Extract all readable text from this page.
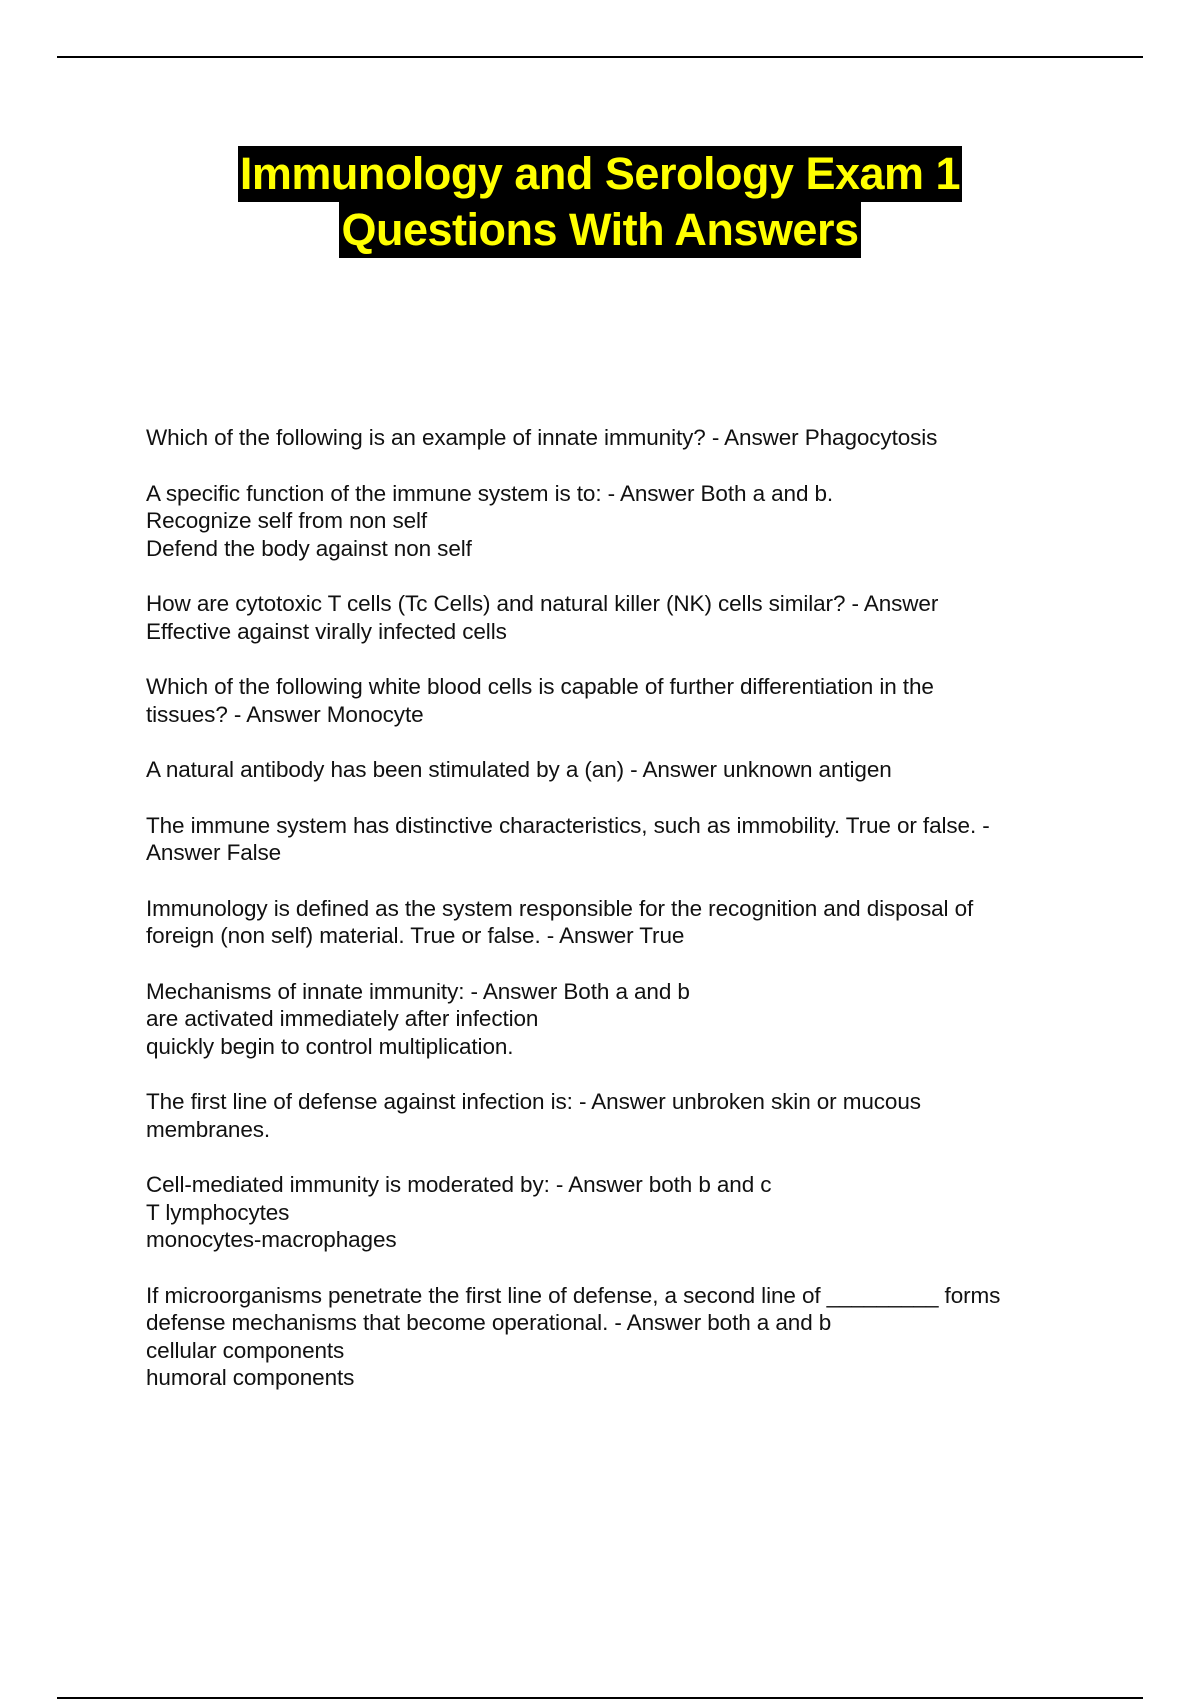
Immunology and Serology Exam 1
Questions With Answers
Which of the following is an example of innate immunity? - Answer Phagocytosis
A specific function of the immune system is to: - Answer Both a and b.
Recognize self from non self
Defend the body against non self
How are cytotoxic T cells (Tc Cells) and natural killer (NK) cells similar? - Answer
Effective against virally infected cells
Which of the following white blood cells is capable of further differentiation in the
tissues? - Answer Monocyte
A natural antibody has been stimulated by a (an) - Answer unknown antigen
The immune system has distinctive characteristics, such as immobility. True or false. -
Answer False
Immunology is defined as the system responsible for the recognition and disposal of
foreign (non self) material. True or false. - Answer True
Mechanisms of innate immunity: - Answer Both a and b
are activated immediately after infection
quickly begin to control multiplication.
The first line of defense against infection is: - Answer unbroken skin or mucous
membranes.
Cell-mediated immunity is moderated by: - Answer both b and c
T lymphocytes
monocytes-macrophages
If microorganisms penetrate the first line of defense, a second line of _________ forms
defense mechanisms that become operational. - Answer both a and b
cellular components
humoral components
